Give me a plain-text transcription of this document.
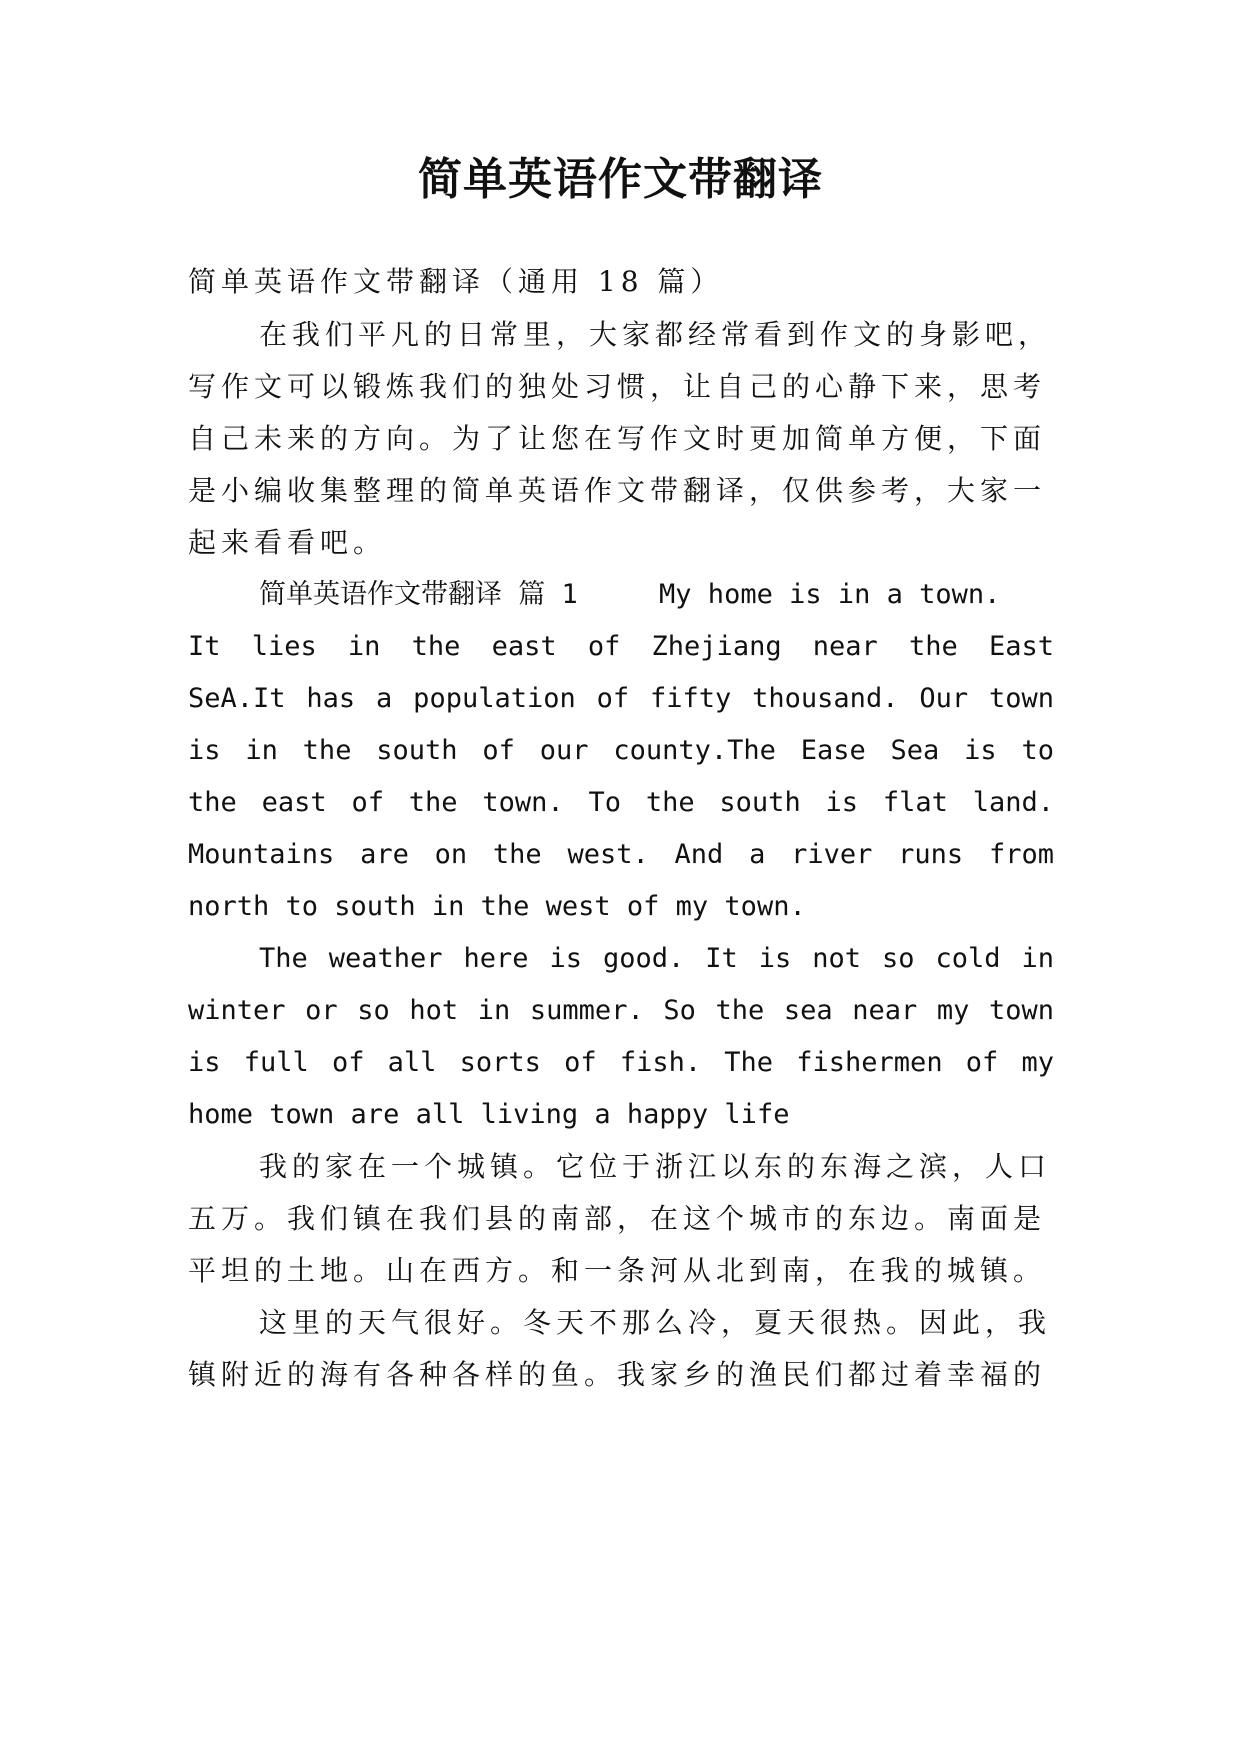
简单英语作文带翻译

简单英语作文带翻译（通用 18 篇）

在我们平凡的日常里，大家都经常看到作文的身影吧，

写作文可以锻炼我们的独处习惯，让自己的心静下来，思考

自己未来的方向。为了让您在写作文时更加简单方便，下面

是小编收集整理的简单英语作文带翻译，仅供参考，大家一

起来看看吧。

简单英语作文带翻译 篇 1     My home is in a town.

It lies in the east of Zhejiang near the East

SeA.It has a population of fifty thousand. Our town

is in the south of our county.The Ease Sea is to

the east of the town. To the south is flat land.

Mountains are on the west. And a river runs from

north to south in the west of my town.

The weather here is good. It is not so cold in

winter or so hot in summer. So the sea near my town

is full of all sorts of fish. The fishermen of my

home town are all living a happy life

我的家在一个城镇。它位于浙江以东的东海之滨，人口

五万。我们镇在我们县的南部，在这个城市的东边。南面是

平坦的土地。山在西方。和一条河从北到南，在我的城镇。

这里的天气很好。冬天不那么冷，夏天很热。因此，我

镇附近的海有各种各样的鱼。我家乡的渔民们都过着幸福的
